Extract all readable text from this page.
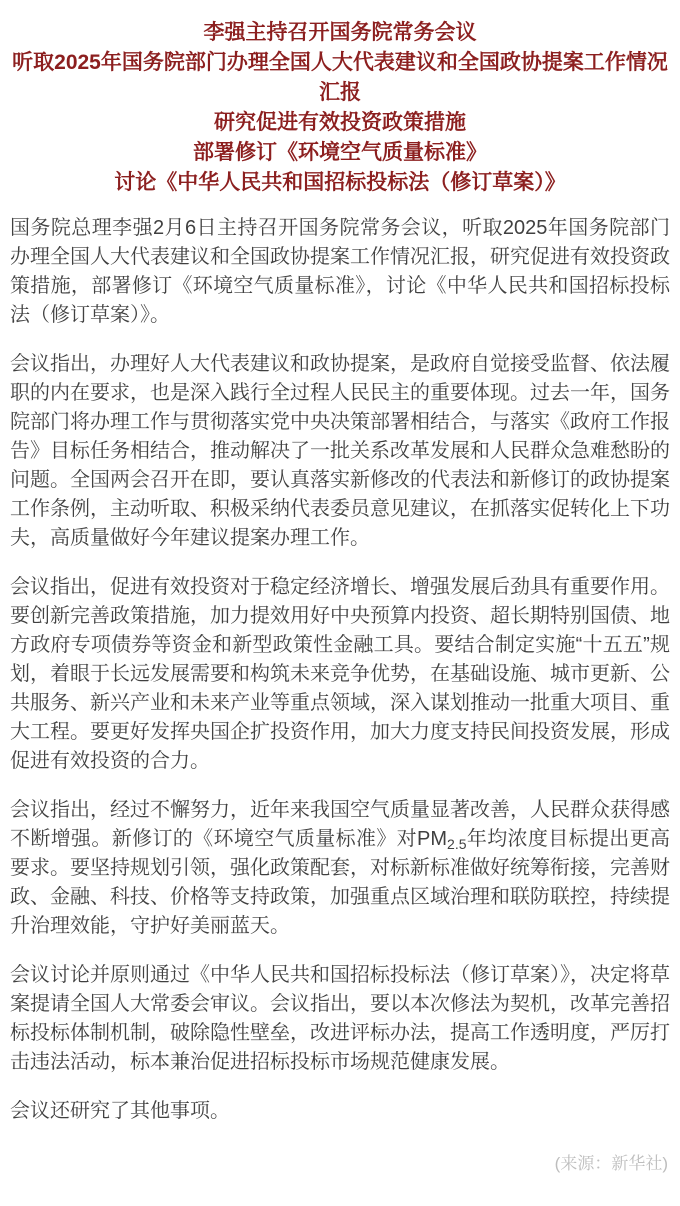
李强主持召开国务院常务会议
听取2025年国务院部门办理全国人大代表建议和全国政协提案工作情况汇报
研究促进有效投资政策措施
部署修订《环境空气质量标准》
讨论《中华人民共和国招标投标法（修订草案）》

国务院总理李强2月6日主持召开国务院常务会议，听取2025年国务院部门办理全国人大代表建议和全国政协提案工作情况汇报，研究促进有效投资政策措施，部署修订《环境空气质量标准》，讨论《中华人民共和国招标投标法（修订草案）》。

会议指出，办理好人大代表建议和政协提案，是政府自觉接受监督、依法履职的内在要求，也是深入践行全过程人民民主的重要体现。过去一年，国务院部门将办理工作与贯彻落实党中央决策部署相结合，与落实《政府工作报告》目标任务相结合，推动解决了一批关系改革发展和人民群众急难愁盼的问题。全国两会召开在即，要认真落实新修改的代表法和新修订的政协提案工作条例，主动听取、积极采纳代表委员意见建议，在抓落实促转化上下功夫，高质量做好今年建议提案办理工作。

会议指出，促进有效投资对于稳定经济增长、增强发展后劲具有重要作用。要创新完善政策措施，加力提效用好中央预算内投资、超长期特别国债、地方政府专项债券等资金和新型政策性金融工具。要结合制定实施“十五五”规划，着眼于长远发展需要和构筑未来竞争优势，在基础设施、城市更新、公共服务、新兴产业和未来产业等重点领域，深入谋划推动一批重大项目、重大工程。要更好发挥央国企扩投资作用，加大力度支持民间投资发展，形成促进有效投资的合力。

会议指出，经过不懈努力，近年来我国空气质量显著改善，人民群众获得感不断增强。新修订的《环境空气质量标准》对$PM_{2.5}$年均浓度目标提出更高要求。要坚持规划引领，强化政策配套，对标新标准做好统筹衔接，完善财政、金融、科技、价格等支持政策，加强重点区域治理和联防联控，持续提升治理效能，守护好美丽蓝天。

会议讨论并原则通过《中华人民共和国招标投标法（修订草案）》，决定将草案提请全国人大常委会审议。会议指出，要以本次修法为契机，改革完善招标投标体制机制，破除隐性壁垒，改进评标办法，提高工作透明度，严厉打击违法活动，标本兼治促进招标投标市场规范健康发展。

会议还研究了其他事项。

(来源：新华社)
